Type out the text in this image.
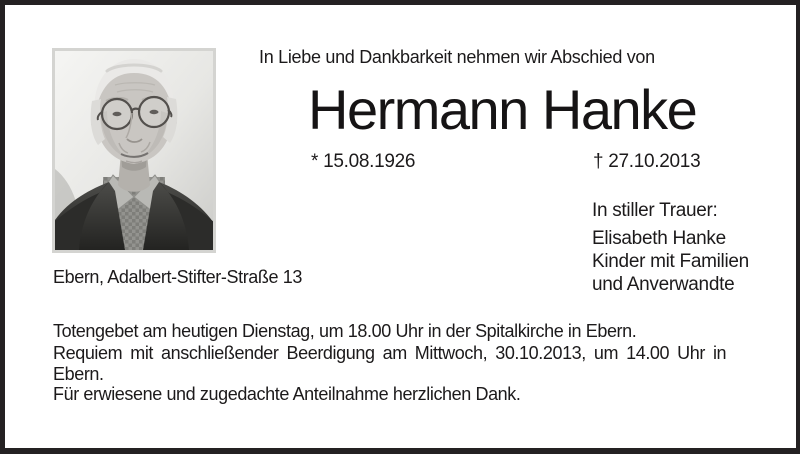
In Liebe und Dankbarkeit nehmen wir Abschied von
Hermann Hanke
* 15.08.1926	† 27.10.2013
In stiller Trauer:
Elisabeth Hanke
Kinder mit Familien
und Anverwandte
Ebern, Adalbert-Stifter-Straße 13
Totengebet am heutigen Dienstag, um 18.00 Uhr in der Spitalkirche in Ebern.
Requiem mit anschließender Beerdigung am Mittwoch, 30.10.2013, um 14.00 Uhr in
Ebern.
Für erwiesene und zugedachte Anteilnahme herzlichen Dank.
